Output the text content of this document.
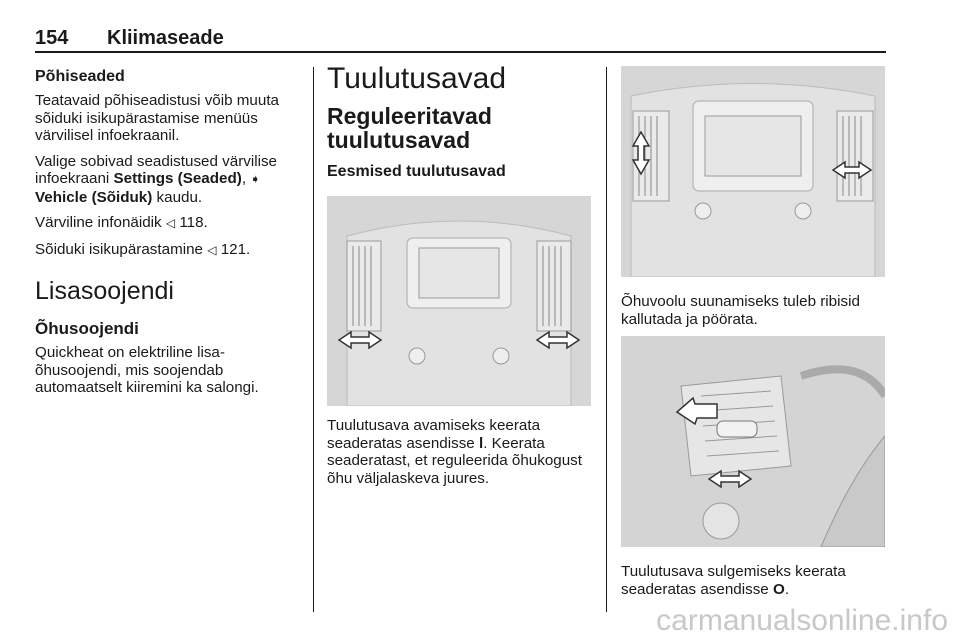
154 Kliimaseade
Põhiseaded

Teatavaid põhiseadistusi võib muuta sõiduki isikupärastamise menüüs värvilisel infoekraanil.

Valige sobivad seadistused värvilise infoekraani Settings (Seaded), ➧ Vehicle (Sõiduk) kaudu.

Värviline infonäidik ◁ 118.

Sõiduki isikupärastamine ◁ 121.

Lisasoojendi
Õhusoojendi

Quickheat on elektriline lisa-õhusoojendi, mis soojendab automaatselt kiiremini ka salongi.

Tuulutusavad
Reguleeritavad tuulutusavad
Eesmised tuulutusavad
Tuulutusava avamiseks keerata seaderatas asendisse l. Keerata seaderatast, et reguleerida õhukogust õhu väljalaskeva juures.
Õhuvoolu suunamiseks tuleb ribisid kallutada ja pöörata.
Tuulutusava sulgemiseks keerata seaderatas asendisse O.
carmanualsonline.info
